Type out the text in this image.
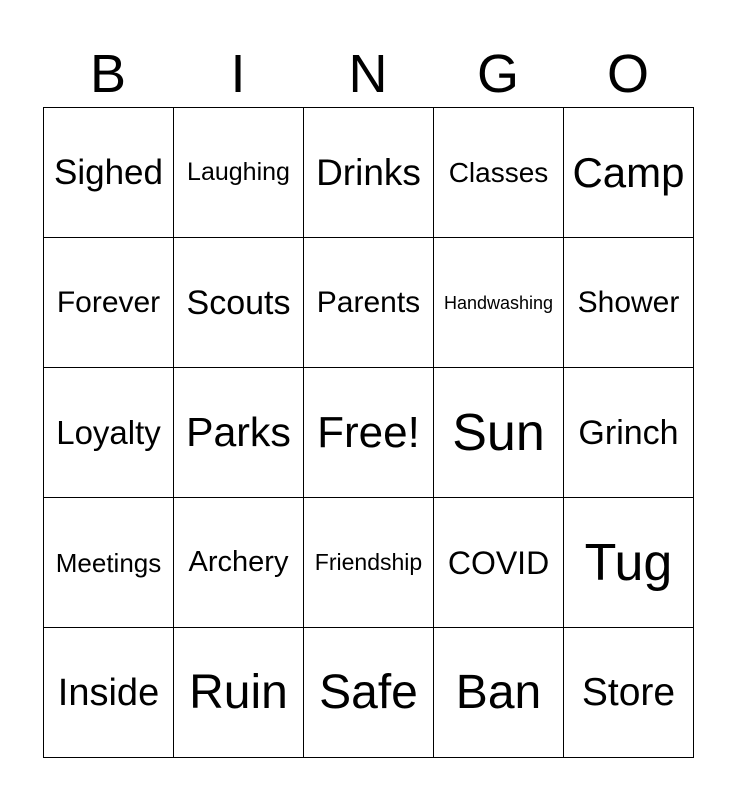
B	I	N	G	O
Sighed Laughing Drinks Classes Camp
Forever Scouts Parents	Handwashing Shower
Loyalty Parks Free! Sun Grinch
Meetings Archery	Friendship COVID Tug
Inside Ruin Safe Ban	Store
